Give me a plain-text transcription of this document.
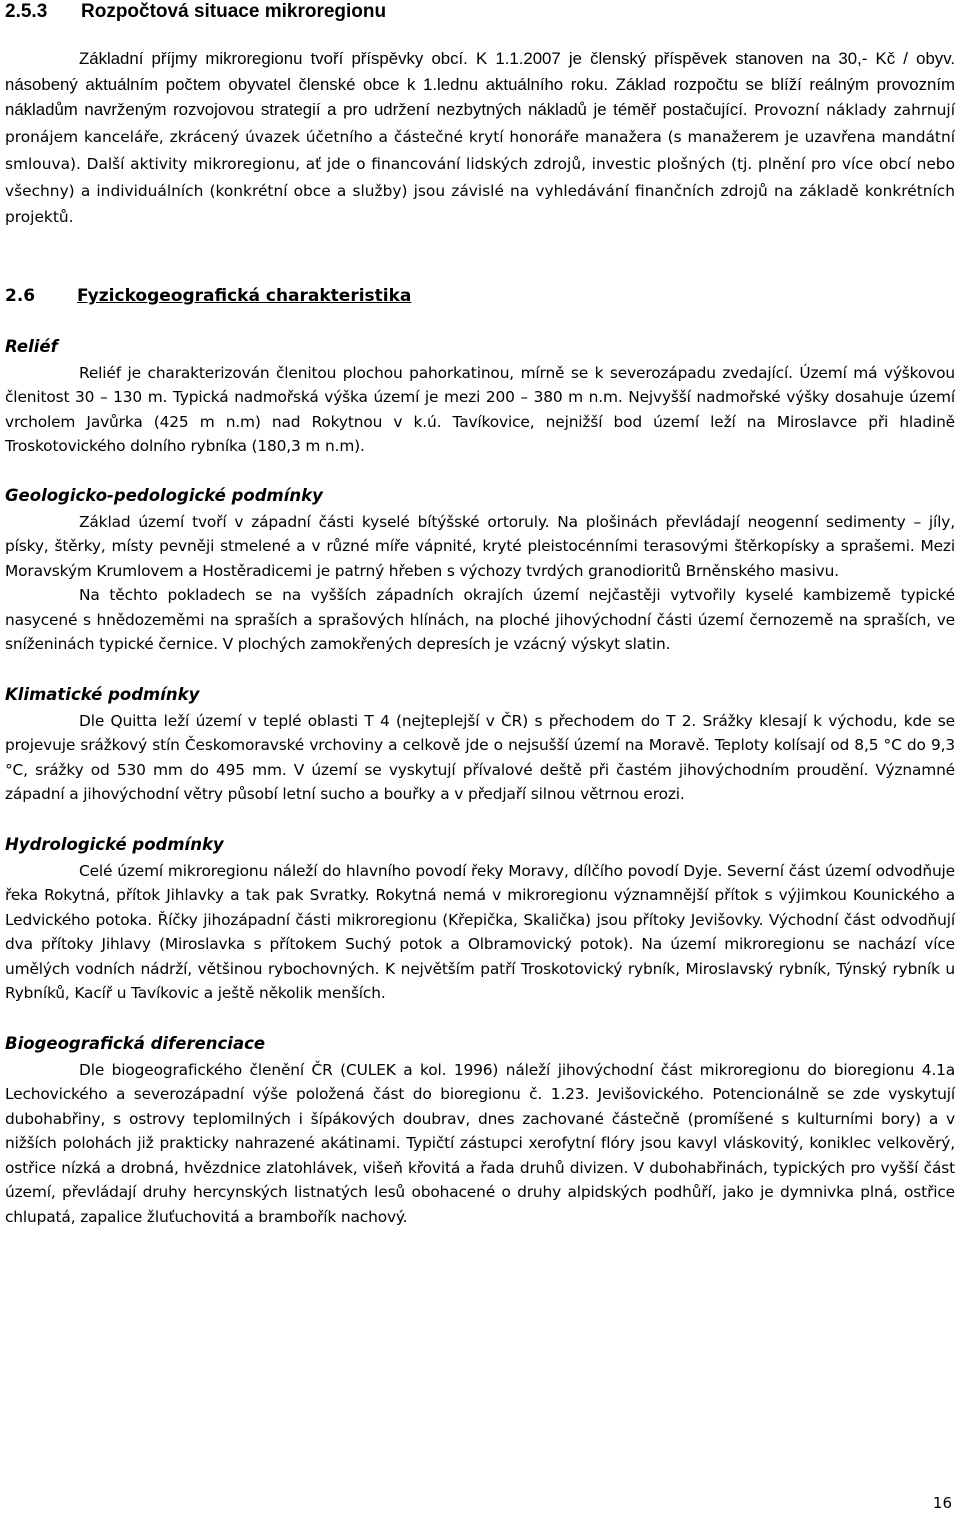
2.5.3 Rozpočtová situace mikroregionu

Základní příjmy mikroregionu tvoří příspěvky obcí. K 1.1.2007 je členský příspěvek stanoven na 30,- Kč / obyv. násobený aktuálním počtem obyvatel členské obce k 1.lednu aktuálního roku. Základ rozpočtu se blíží reálným provozním nákladům navrženým rozvojovou strategií a pro udržení nezbytných nákladů je téměř postačující. Provozní náklady zahrnují pronájem kanceláře, zkrácený úvazek účetního a částečné krytí honoráře manažera (s manažerem je uzavřena mandátní smlouva). Další aktivity mikroregionu, ať jde o financování lidských zdrojů, investic plošných (tj. plnění pro více obcí nebo všechny) a individuálních (konkrétní obce a služby) jsou závislé na vyhledávání finančních zdrojů na základě konkrétních projektů.

2.6 Fyzickogeografická charakteristika
Reliéf

Reliéf je charakterizován členitou plochou pahorkatinou, mírně se k severozápadu zvedající. Území má výškovou členitost 30 – 130 m. Typická nadmořská výška území je mezi 200 – 380 m n.m. Nejvyšší nadmořské výšky dosahuje území vrcholem Javůrka (425 m n.m) nad Rokytnou v k.ú. Tavíkovice, nejnižší bod území leží na Miroslavce při hladině Troskotovického dolního rybníka (180,3 m n.m).

Geologicko-pedologické podmínky

Základ území tvoří v západní části kyselé bítýšské ortoruly. Na plošinách převládají neogenní sedimenty – jíly, písky, štěrky, místy pevněji stmelené a v různé míře vápnité, kryté pleistocénními terasovými štěrkopísky a sprašemi. Mezi Moravským Krumlovem a Hostěradicemi je patrný hřeben s výchozy tvrdých granodioritů Brněnského masivu.

Na těchto pokladech se na vyšších západních okrajích území nejčastěji vytvořily kyselé kambizemě typické nasycené s hnědozeměmi na spraších a sprašových hlínách, na ploché jihovýchodní části území černozemě na spraších, ve sníženinách typické černice. V plochých zamokřených depresích je vzácný výskyt slatin.

Klimatické podmínky

Dle Quitta leží území v teplé oblasti T 4 (nejteplejší v ČR) s přechodem do T 2. Srážky klesají k východu, kde se projevuje srážkový stín Českomoravské vrchoviny a celkově jde o nejsušší území na Moravě. Teploty kolísají od 8,5 °C do 9,3 °C, srážky od 530 mm do 495 mm. V území se vyskytují přívalové deště při častém jihovýchodním proudění. Významné západní a jihovýchodní větry působí letní sucho a bouřky a v předjaří silnou větrnou erozi.

Hydrologické podmínky

Celé území mikroregionu náleží do hlavního povodí řeky Moravy, dílčího povodí Dyje. Severní část území odvodňuje řeka Rokytná, přítok Jihlavky a tak pak Svratky. Rokytná nemá v mikroregionu významnější přítok s výjimkou Kounického a Ledvického potoka. Říčky jihozápadní části mikroregionu (Křepička, Skalička) jsou přítoky Jevišovky. Východní část odvodňují dva přítoky Jihlavy (Miroslavka s přítokem Suchý potok a Olbramovický potok). Na území mikroregionu se nachází více umělých vodních nádrží, většinou rybochovných. K největším patří Troskotovický rybník, Miroslavský rybník, Týnský rybník u Rybníků, Kacíř u Tavíkovic a ještě několik menších.

Biogeografická diferenciace

Dle biogeografického členění ČR (CULEK a kol. 1996) náleží jihovýchodní část mikroregionu do bioregionu 4.1a Lechovického a severozápadní výše položená část do bioregionu č. 1.23. Jevišovického. Potencionálně se zde vyskytují dubohabřiny, s ostrovy teplomilných i šípákových doubrav, dnes zachované částečně (promíšené s kulturními bory) a v nižších polohách již prakticky nahrazené akátinami. Typičtí zástupci xerofytní flóry jsou kavyl vláskovitý, koniklec velkověrý, ostřice nízká a drobná, hvězdnice zlatohlávek, višeň křovitá a řada druhů divizen. V dubohabřinách, typických pro vyšší část území, převládají druhy hercynských listnatých lesů obohacené o druhy alpidských podhůří, jako je dymnivka plná, ostřice chlupatá, zapalice žluťuchovitá a brambořík nachový.

16
